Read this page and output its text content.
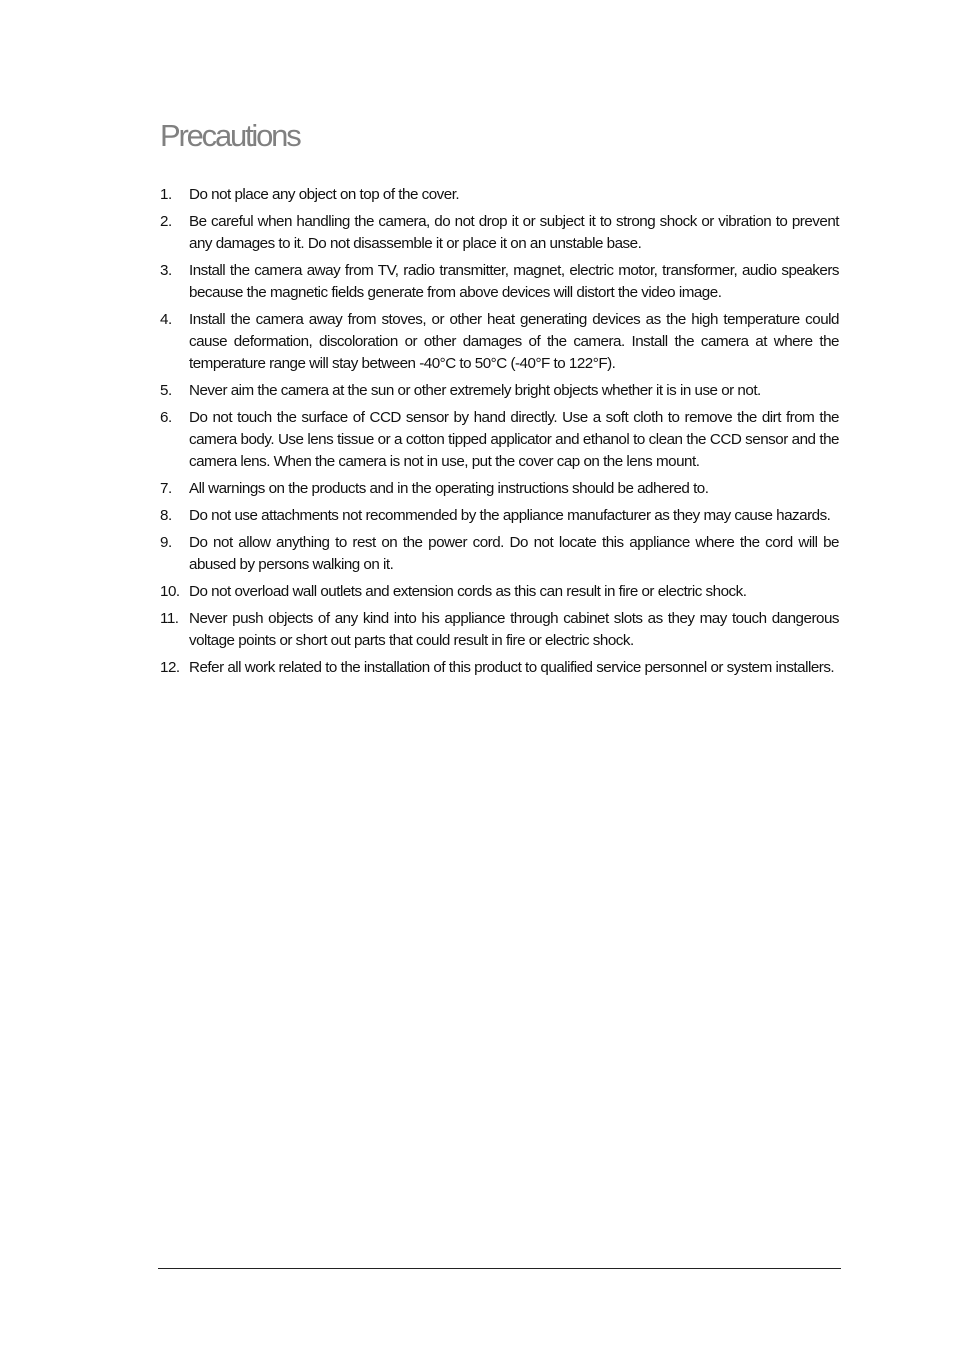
Precautions
1.	Do not place any object on top of the cover.
2.	Be careful when handling the camera, do not drop it or subject it to strong shock or vibration to prevent any damages to it. Do not disassemble it or place it on an unstable base.
3.	Install the camera away from TV, radio transmitter, magnet, electric motor, transformer, audio speakers because the magnetic fields generate from above devices will distort the video image.
4.	Install the camera away from stoves, or other heat generating devices as the high temperature could cause deformation, discoloration or other damages of the camera. Install the camera at where the temperature range will stay between -40°C to 50°C (-40°F to 122°F).
5.	Never aim the camera at the sun or other extremely bright objects whether it is in use or not.
6.	Do not touch the surface of CCD sensor by hand directly. Use a soft cloth to remove the dirt from the camera body. Use lens tissue or a cotton tipped applicator and ethanol to clean the CCD sensor and the camera lens. When the camera is not in use, put the cover cap on the lens mount.
7.	All warnings on the products and in the operating instructions should be adhered to.
8.	Do not use attachments not recommended by the appliance manufacturer as they may cause hazards.
9.	Do not allow anything to rest on the power cord. Do not locate this appliance where the cord will be abused by persons walking on it.
10. Do not overload wall outlets and extension cords as this can result in fire or electric shock.
11. Never push objects of any kind into his appliance through cabinet slots as they may touch dangerous voltage points or short out parts that could result in fire or electric shock.
12. Refer all work related to the installation of this product to qualified service personnel or system installers.
